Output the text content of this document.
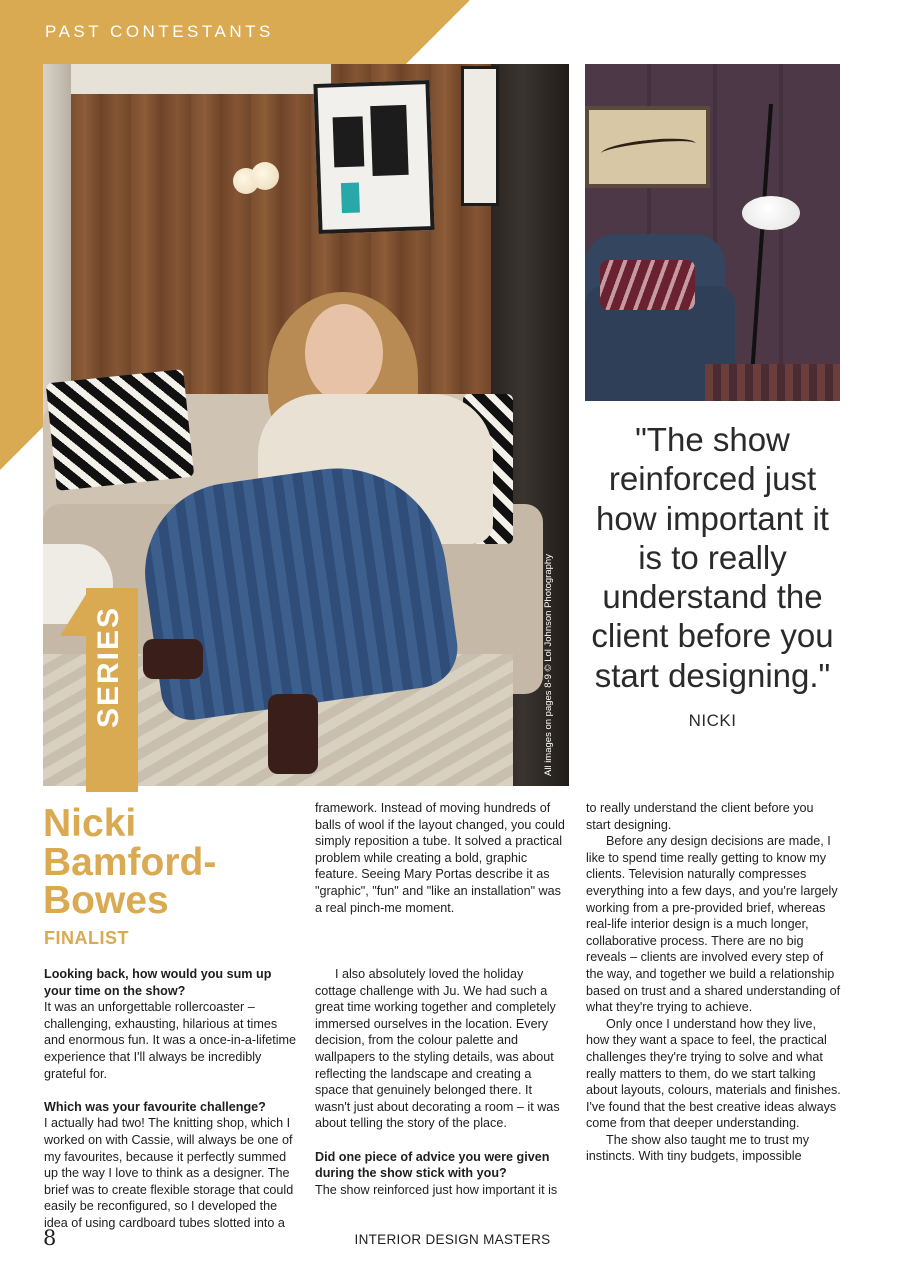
PAST CONTESTANTS
All images on pages 8-9 © Lol Johnson Photography
SERIES
"The show reinforced just how important it is to really understand the client before you start designing." NICKI
Nicki
Bamford-
Bowes
FINALIST

Looking back, how would you sum up your time on the show?

It was an unforgettable rollercoaster – challenging, exhausting, hilarious at times and enormous fun. It was a once-in-a-lifetime experience that I'll always be incredibly grateful for.

Which was your favourite challenge?

I actually had two! The knitting shop, which I worked on with Cassie, will always be one of my favourites, because it perfectly summed up the way I love to think as a designer. The brief was to create flexible storage that could easily be reconfigured, so I developed the idea of using cardboard tubes slotted into a

framework. Instead of moving hundreds of balls of wool if the layout changed, you could simply reposition a tube. It solved a practical problem while creating a bold, graphic feature. Seeing Mary Portas describe it as "graphic", "fun" and "like an installation" was a real pinch-me moment.

I also absolutely loved the holiday cottage challenge with Ju. We had such a great time working together and completely immersed ourselves in the location. Every decision, from the colour palette and wallpapers to the styling details, was about reflecting the landscape and creating a space that genuinely belonged there. It wasn't just about decorating a room – it was about telling the story of the place.

Did one piece of advice you were given during the show stick with you?

The show reinforced just how important it is

to really understand the client before you start designing.

Before any design decisions are made, I like to spend time really getting to know my clients. Television naturally compresses everything into a few days, and you're largely working from a pre-provided brief, whereas real-life interior design is a much longer, collaborative process. There are no big reveals – clients are involved every step of the way, and together we build a relationship based on trust and a shared understanding of what they're trying to achieve.

Only once I understand how they live, how they want a space to feel, the practical challenges they're trying to solve and what really matters to them, do we start talking about layouts, colours, materials and finishes. I've found that the best creative ideas always come from that deeper understanding.

The show also taught me to trust my instincts. With tiny budgets, impossible

8	INTERIOR DESIGN MASTERS
